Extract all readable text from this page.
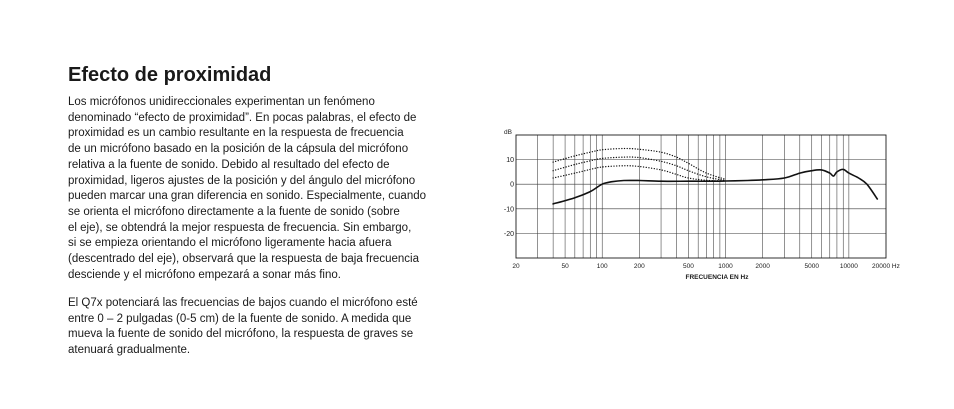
Efecto de proximidad

Los micrófonos unidireccionales experimentan un fenómeno
denominado “efecto de proximidad”. En pocas palabras, el efecto de
proximidad es un cambio resultante en la respuesta de frecuencia
de un micrófono basado en la posición de la cápsula del micrófono
relativa a la fuente de sonido. Debido al resultado del efecto de
proximidad, ligeros ajustes de la posición y del ángulo del micrófono
pueden marcar una gran diferencia en sonido. Especialmente, cuando
se orienta el micrófono directamente a la fuente de sonido (sobre
el eje), se obtendrá la mejor respuesta de frecuencia. Sin embargo,
si se empieza orientando el micrófono ligeramente hacia afuera
(descentrado del eje), observará que la respuesta de baja frecuencia
desciende y el micrófono empezará a sonar más fino.

El Q7x potenciará las frecuencias de bajos cuando el micrófono esté
entre 0 – 2 pulgadas (0-5 cm) de la fuente de sonido. A medida que
mueva la fuente de sonido del micrófono, la respuesta de graves se
atenuará gradualmente.

dB
10
0
-10
-20
20	50	100	200	500	1000	2000	5000	10000 20000 Hz
FRECUENCIA EN Hz
